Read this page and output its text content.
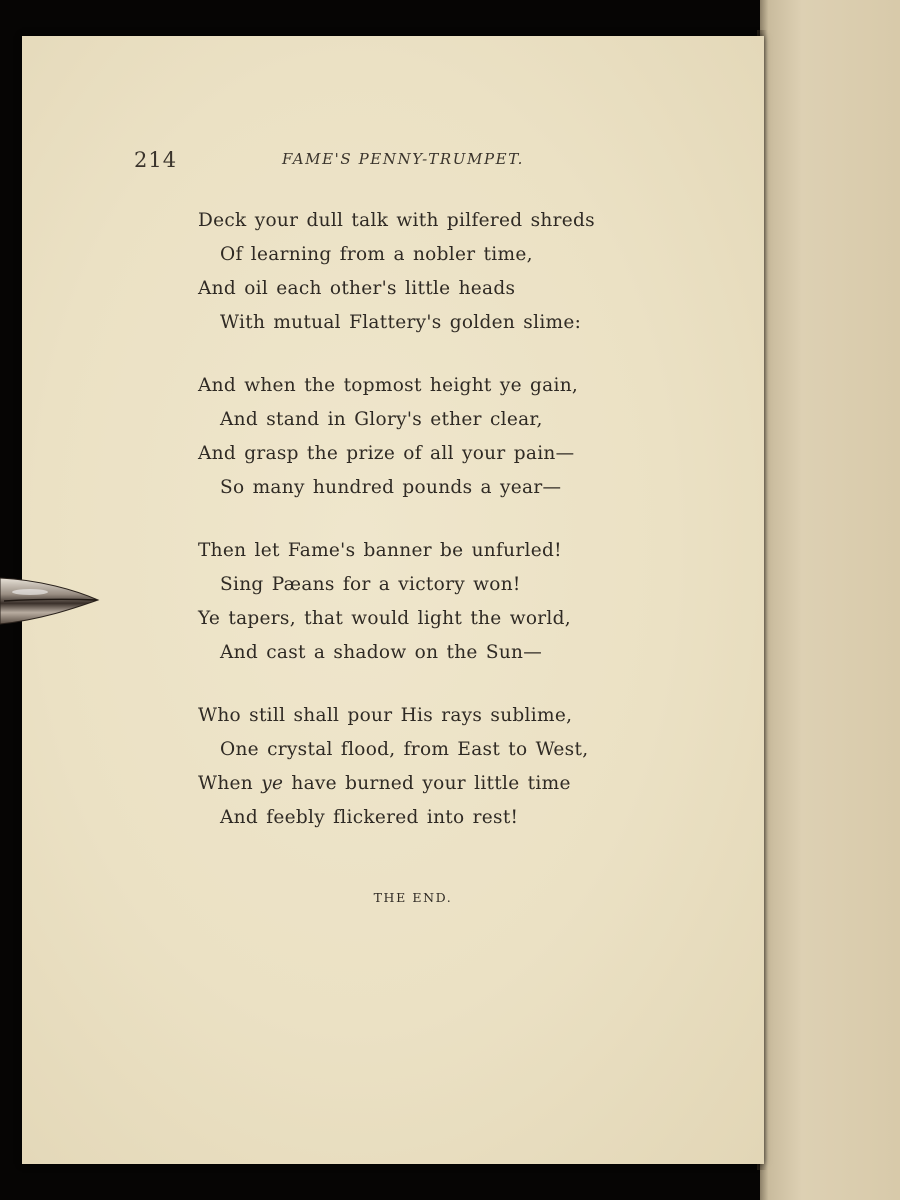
214	FAME'S PENNY-TRUMPET.
Deck your dull talk with pilfered shreds
Of learning from a nobler time,
And oil each other's little heads
With mutual Flattery's golden slime:
And when the topmost height ye gain,
And stand in Glory's ether clear,
And grasp the prize of all your pain—
So many hundred pounds a year—
Then let Fame's banner be unfurled!
Sing Pæans for a victory won!
Ye tapers, that would light the world,
And cast a shadow on the Sun—
Who still shall pour His rays sublime,
One crystal flood, from East to West,
When ye have burned your little time
And feebly flickered into rest!
THE END.
